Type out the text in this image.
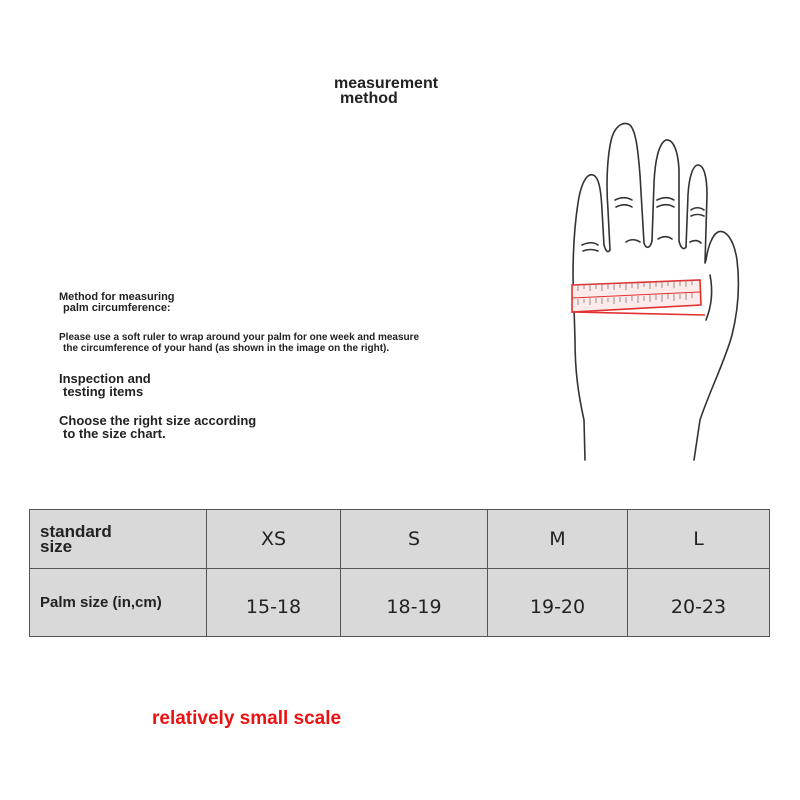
measurement
method
Method for measuring
palm circumference:
Please use a soft ruler to wrap around your palm for one week and measure
the circumference of your hand (as shown in the image on the right).
Inspection and
testing items
Choose the right size according
to the size chart.
standard
size	XS	S	M	L
Palm size (in,cm)	15-18	18-19	19-20	20-23
relatively small scale
